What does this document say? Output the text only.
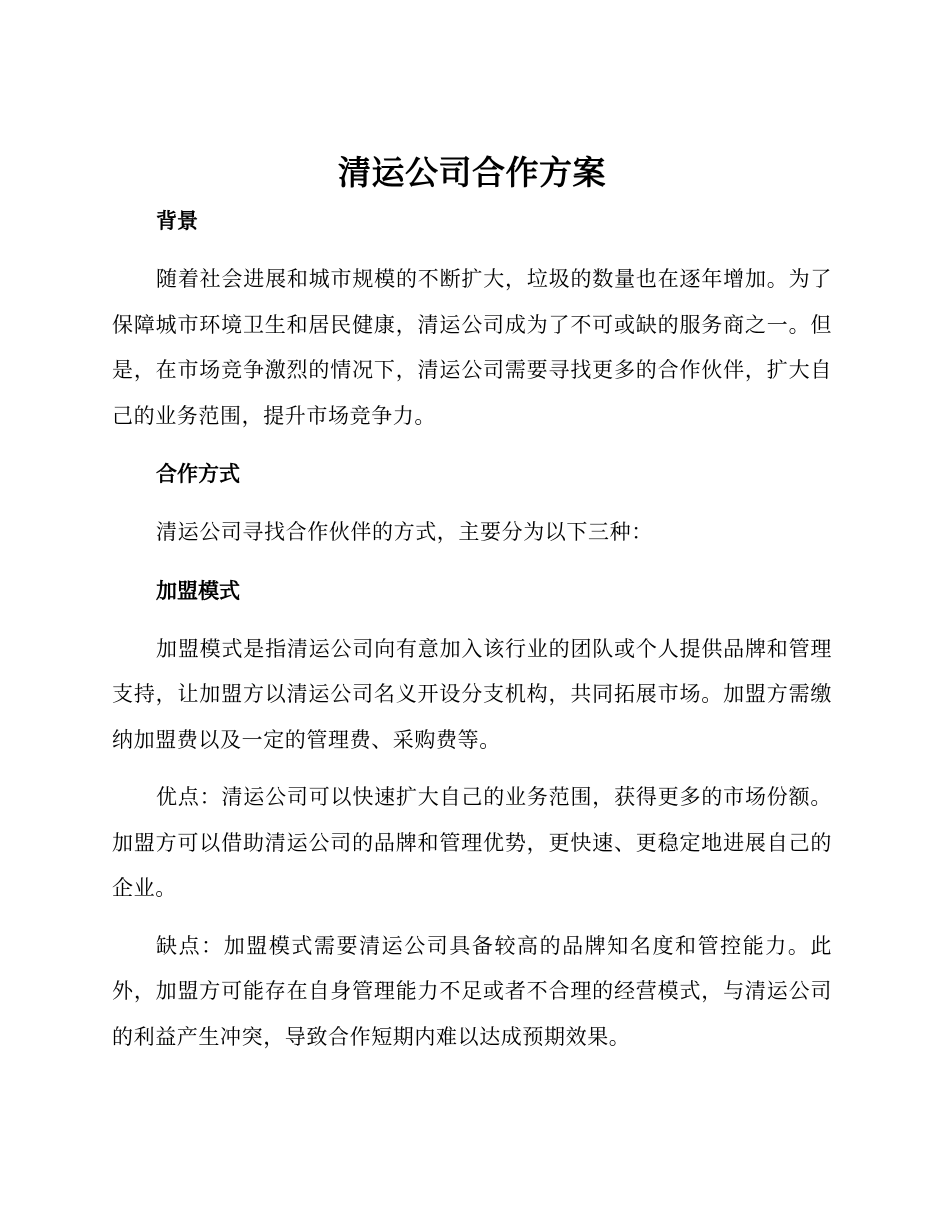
清运公司合作方案
背景

随着社会进展和城市规模的不断扩大，垃圾的数量也在逐年增加。为了保障城市环境卫生和居民健康，清运公司成为了不可或缺的服务商之一。但是，在市场竞争激烈的情况下，清运公司需要寻找更多的合作伙伴，扩大自己的业务范围，提升市场竞争力。

合作方式

清运公司寻找合作伙伴的方式，主要分为以下三种：

加盟模式

加盟模式是指清运公司向有意加入该行业的团队或个人提供品牌和管理支持，让加盟方以清运公司名义开设分支机构，共同拓展市场。加盟方需缴纳加盟费以及一定的管理费、采购费等。

优点：清运公司可以快速扩大自己的业务范围，获得更多的市场份额。加盟方可以借助清运公司的品牌和管理优势，更快速、更稳定地进展自己的企业。

缺点：加盟模式需要清运公司具备较高的品牌知名度和管控能力。此外，加盟方可能存在自身管理能力不足或者不合理的经营模式，与清运公司的利益产生冲突，导致合作短期内难以达成预期效果。
